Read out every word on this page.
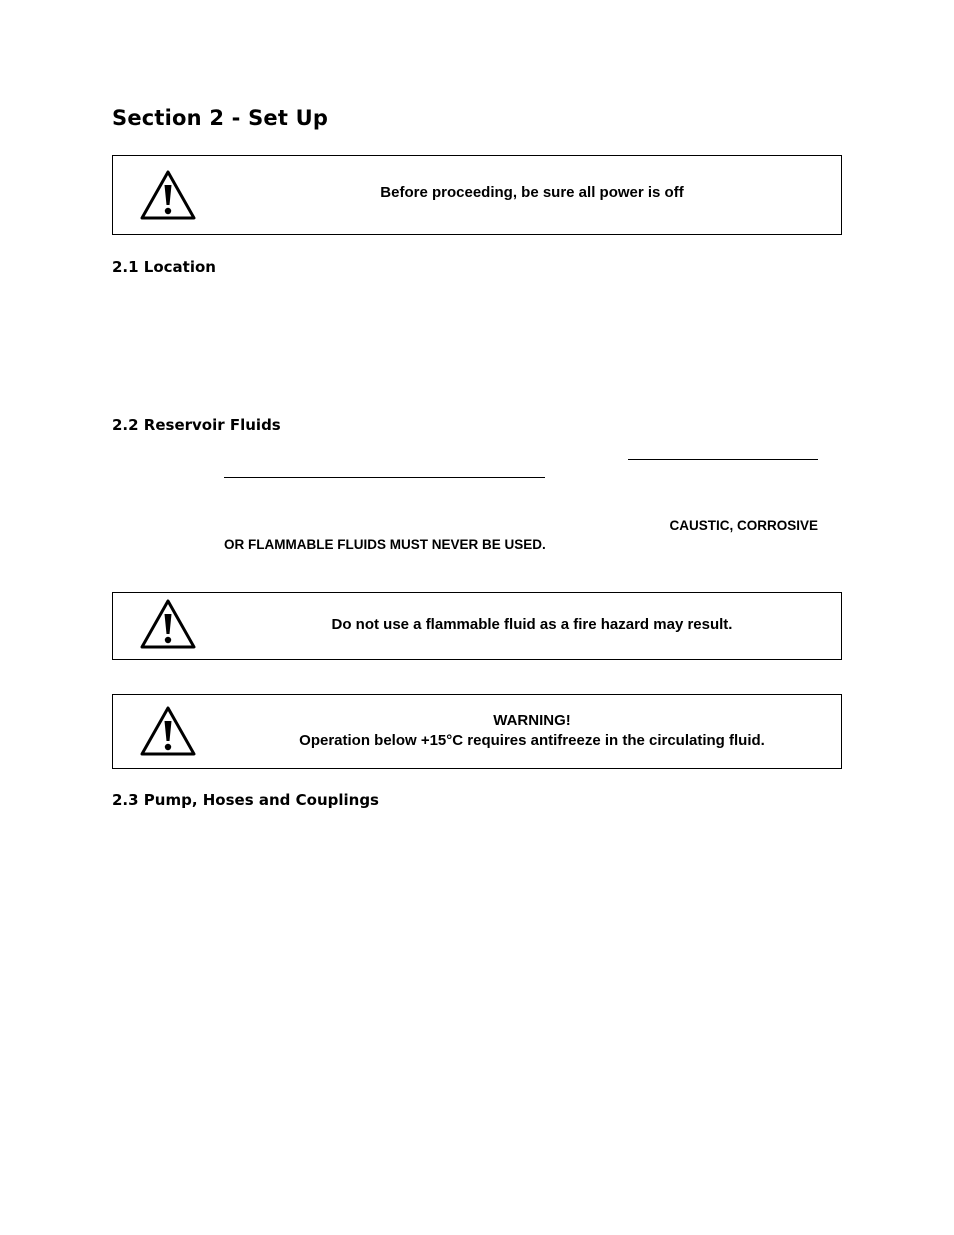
Section 2 - Set Up
Before proceeding, be sure all power is off
2.1 Location
2.2 Reservoir Fluids
CAUSTIC, CORROSIVE
OR FLAMMABLE FLUIDS MUST NEVER BE USED.
Do not use a flammable fluid as a fire hazard may result.
WARNING!
Operation below +15°C requires antifreeze in the circulating fluid.
2.3 Pump, Hoses and Couplings
